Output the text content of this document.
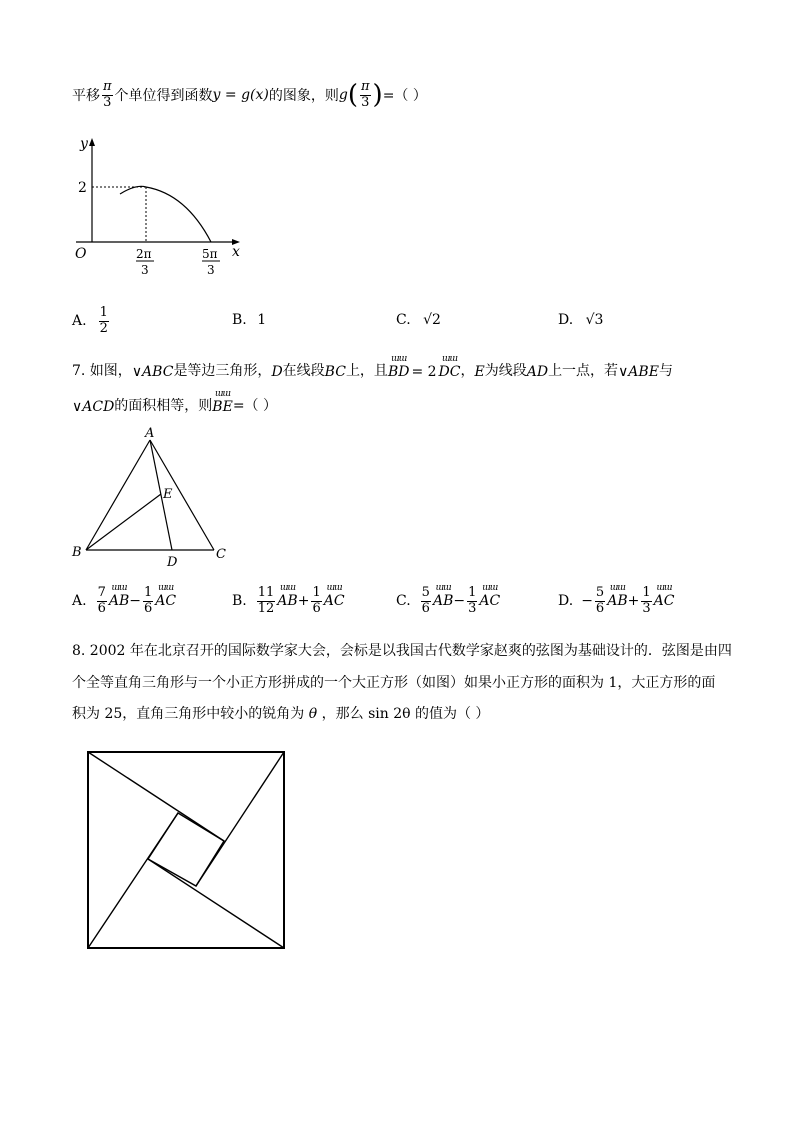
平移 $\frac{\pi}{3}$ 个单位得到函数 y = g(x) 的图象，则 g ( $\frac{\pi}{3}$ ) =（ ）
y
x
O
2
2π
3
5π
3
A. $\frac{1}{2}$	B. 1	C. √2	D. √3
7. 如图， ∨ABC 是等边三角形， D 在线段 BC 上，且
ɯɯ
BD = 2
ɯɯ
DC ， E 为线段 AD 上一点，若 ∨ABE 与
∨ACD 的面积相等，则
ɯɯ
BE =（ ）
A
B	C
D
E
A. $\frac{7}{6}$ ɯɯ
AB − $\frac{1}{6}$ ɯɯ
AC	B. $\frac{11}{12}$ ɯɯ
AB + $\frac{1}{6}$ ɯɯ
AC	C. $\frac{5}{6}$ ɯɯ
AB − $\frac{1}{3}$ ɯɯ
AC	D. − $\frac{5}{6}$ ɯɯ
AB + $\frac{1}{3}$ ɯɯ
AC
8. 2002 年在北京召开的国际数学家大会，会标是以我国古代数学家赵爽的弦图为基础设计的．弦图是由四
个全等直角三角形与一个小正方形拼成的一个大正方形（如图）如果小正方形的面积为 1，大正方形的面
积为 25，直角三角形中较小的锐角为 θ ，那么 sin 2θ 的值为（ ）
